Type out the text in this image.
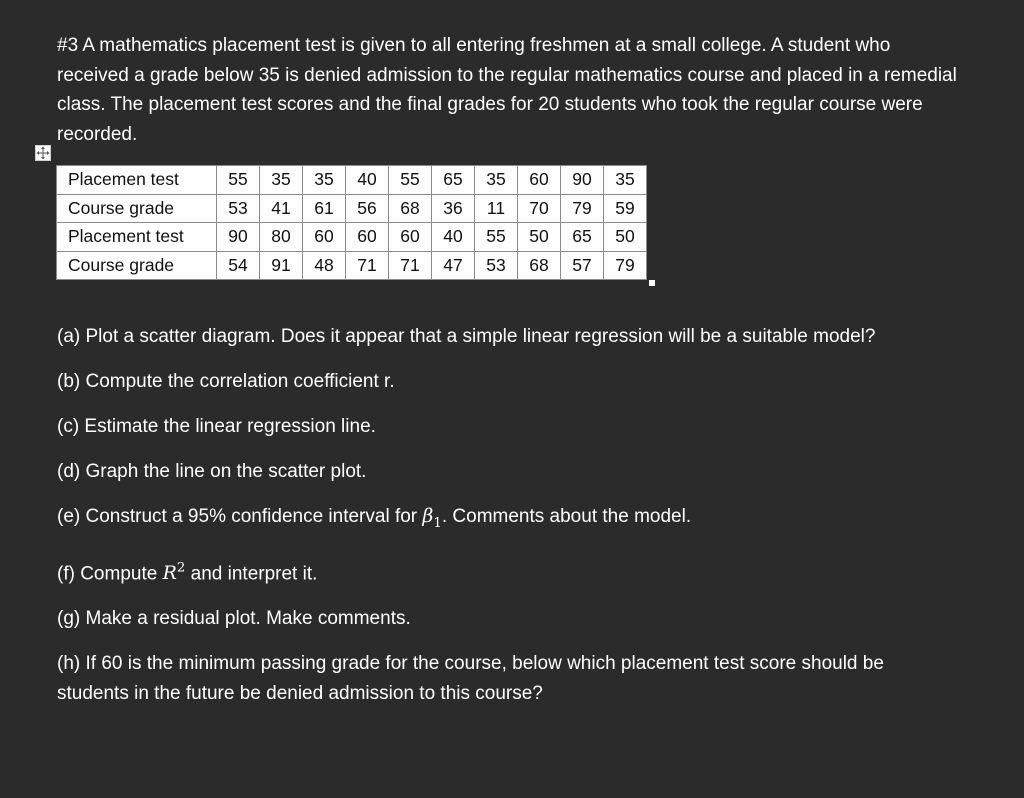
#3 A mathematics placement test is given to all entering freshmen at a small college. A student who received a grade below 35 is denied admission to the regular mathematics course and placed in a remedial class. The placement test scores and the final grades for 20 students who took the regular course were recorded.
Placemen test	55	35	35	40	55	65	35	60	90	35
Course grade	53	41	61	56	68	36	11	70	79	59
Placement test	90	80	60	60	60	40	55	50	65	50
Course grade	54	91	48	71	71	47	53	68	57	79

(a) Plot a scatter diagram. Does it appear that a simple linear regression will be a suitable model?

(b) Compute the correlation coefficient r.

(c) Estimate the linear regression line.

(d) Graph the line on the scatter plot.

(e) Construct a 95% confidence interval for $\beta_1$. Comments about the model.

(f) Compute $R^2$ and interpret it.

(g) Make a residual plot. Make comments.

(h) If 60 is the minimum passing grade for the course, below which placement test score should be students in the future be denied admission to this course?
